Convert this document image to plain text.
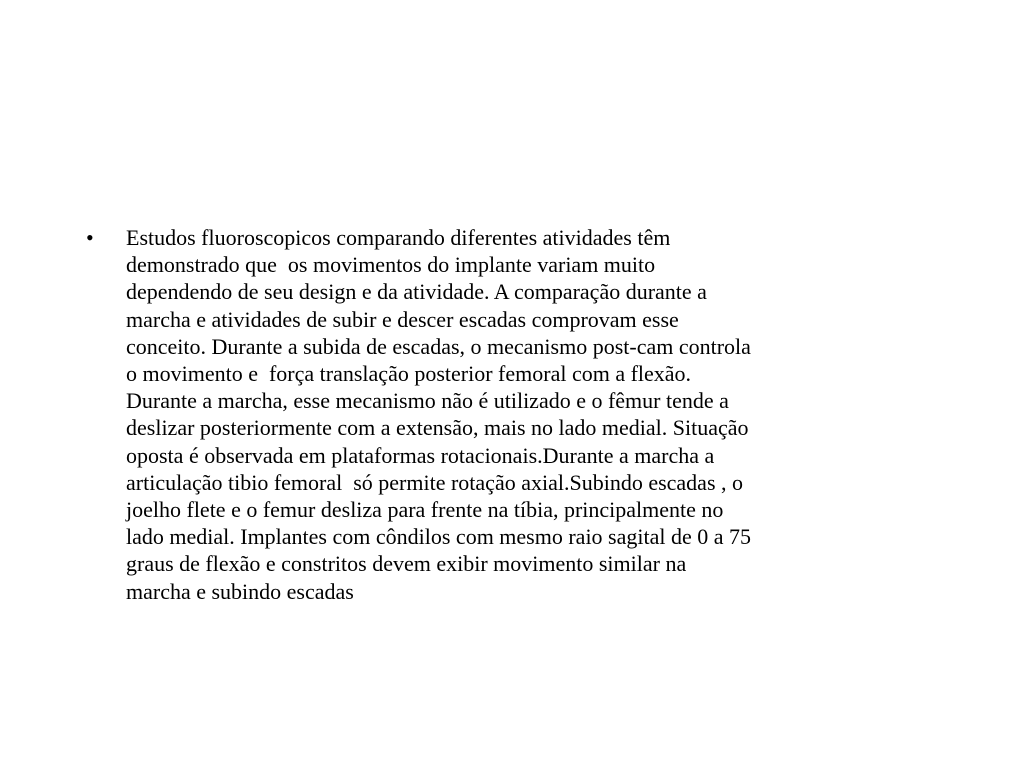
•	Estudos fluoroscopicos comparando diferentes atividades têm
demonstrado que  os movimentos do implante variam muito
dependendo de seu design e da atividade. A comparação durante a
marcha e atividades de subir e descer escadas comprovam esse
conceito. Durante a subida de escadas, o mecanismo post-cam controla
o movimento e  força translação posterior femoral com a flexão.
Durante a marcha, esse mecanismo não é utilizado e o fêmur tende a
deslizar posteriormente com a extensão, mais no lado medial. Situação
oposta é observada em plataformas rotacionais.Durante a marcha a
articulação tibio femoral  só permite rotação axial.Subindo escadas , o
joelho flete e o femur desliza para frente na tíbia, principalmente no
lado medial. Implantes com côndilos com mesmo raio sagital de 0 a 75
graus de flexão e constritos devem exibir movimento similar na
marcha e subindo escadas
